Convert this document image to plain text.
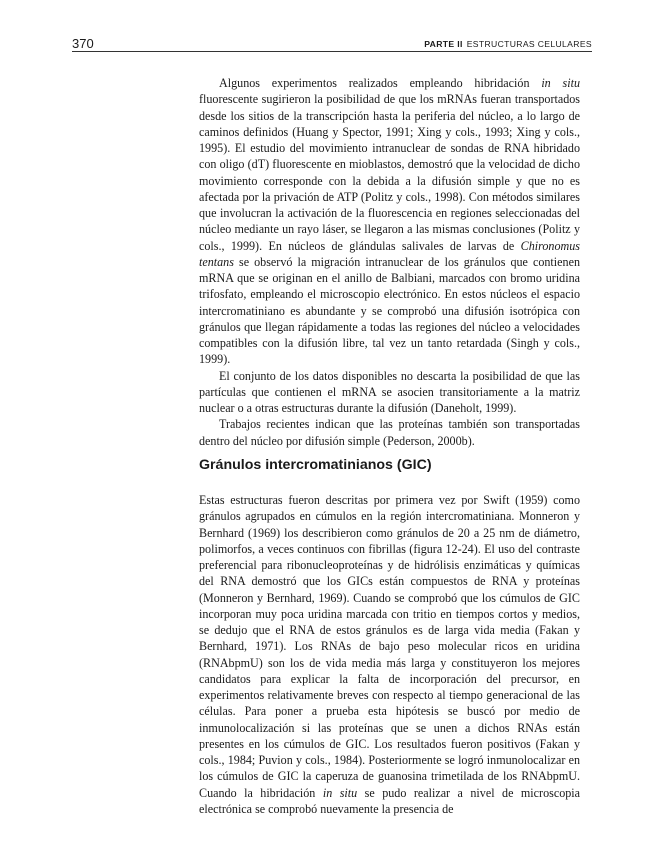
370	PARTE II ESTRUCTURAS CELULARES

Algunos experimentos realizados empleando hibridación in situ fluorescente sugirieron la posibilidad de que los mRNAs fueran transportados desde los sitios de la transcripción hasta la periferia del núcleo, a lo largo de caminos definidos (Huang y Spector, 1991; Xing y cols., 1993; Xing y cols., 1995). El estudio del movimiento intranuclear de sondas de RNA hibridado con oligo (dT) fluorescente en mioblastos, demostró que la velocidad de dicho movimiento corresponde con la debida a la difusión simple y que no es afectada por la privación de ATP (Politz y cols., 1998). Con métodos similares que involucran la activación de la fluorescencia en regiones seleccionadas del núcleo mediante un rayo láser, se llegaron a las mismas conclusiones (Politz y cols., 1999). En núcleos de glándulas salivales de larvas de Chironomus tentans se observó la migración intranuclear de los gránulos que contienen mRNA que se originan en el anillo de Balbiani, marcados con bromo uridina trifosfato, empleando el microscopio electrónico. En estos núcleos el espacio intercromatiniano es abundante y se comprobó una difusión isotrópica con gránulos que llegan rápidamente a todas las regiones del núcleo a velocidades compatibles con la difusión libre, tal vez un tanto retardada (Singh y cols., 1999).

El conjunto de los datos disponibles no descarta la posibilidad de que las partículas que contienen el mRNA se asocien transitoriamente a la matriz nuclear o a otras estructuras durante la difusión (Daneholt, 1999).

Trabajos recientes indican que las proteínas también son transportadas dentro del núcleo por difusión simple (Pederson, 2000b).

Gránulos intercromatinianos (GIC)

Estas estructuras fueron descritas por primera vez por Swift (1959) como gránulos agrupados en cúmulos en la región intercromatiniana. Monneron y Bernhard (1969) los describieron como gránulos de 20 a 25 nm de diámetro, polimorfos, a veces continuos con fibrillas (figura 12-24). El uso del contraste preferencial para ribonucleoproteínas y de hidrólisis enzimáticas y químicas del RNA demostró que los GICs están compuestos de RNA y proteínas (Monneron y Bernhard, 1969). Cuando se comprobó que los cúmulos de GIC incorporan muy poca uridina marcada con tritio en tiempos cortos y medios, se dedujo que el RNA de estos gránulos es de larga vida media (Fakan y Bernhard, 1971). Los RNAs de bajo peso molecular ricos en uridina (RNAbpmU) son los de vida media más larga y constituyeron los mejores candidatos para explicar la falta de incorporación del precursor, en experimentos relativamente breves con respecto al tiempo generacional de las células. Para poner a prueba esta hipótesis se buscó por medio de inmunolocalización si las proteínas que se unen a dichos RNAs están presentes en los cúmulos de GIC. Los resultados fueron positivos (Fakan y cols., 1984; Puvion y cols., 1984). Posteriormente se logró inmunolocalizar en los cúmulos de GIC la caperuza de guanosina trimetilada de los RNAbpmU. Cuando la hibridación in situ se pudo realizar a nivel de microscopia electrónica se comprobó nuevamente la presencia de
